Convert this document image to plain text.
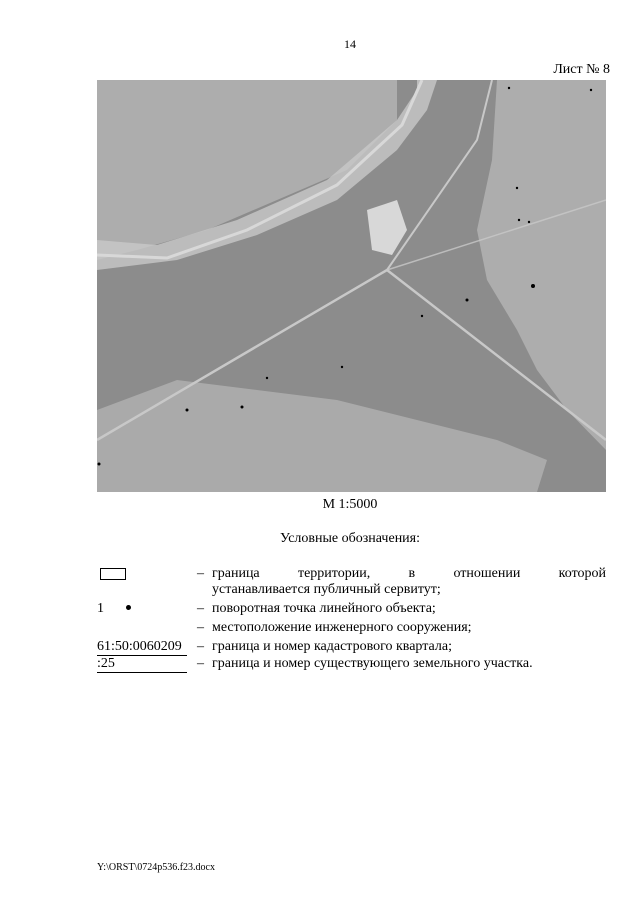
14
Лист № 8
М 1:5000
Условные обозначения:
– граница территории, в отношении которой
устанавливается публичный сервитут;
1	– поворотная точка линейного объекта;
– местоположение инженерного сооружения;
61:50:0060209	– граница и номер кадастрового квартала;
:25	– граница и номер существующего земельного участка.
Y:\ORST\0724p536.f23.docx
